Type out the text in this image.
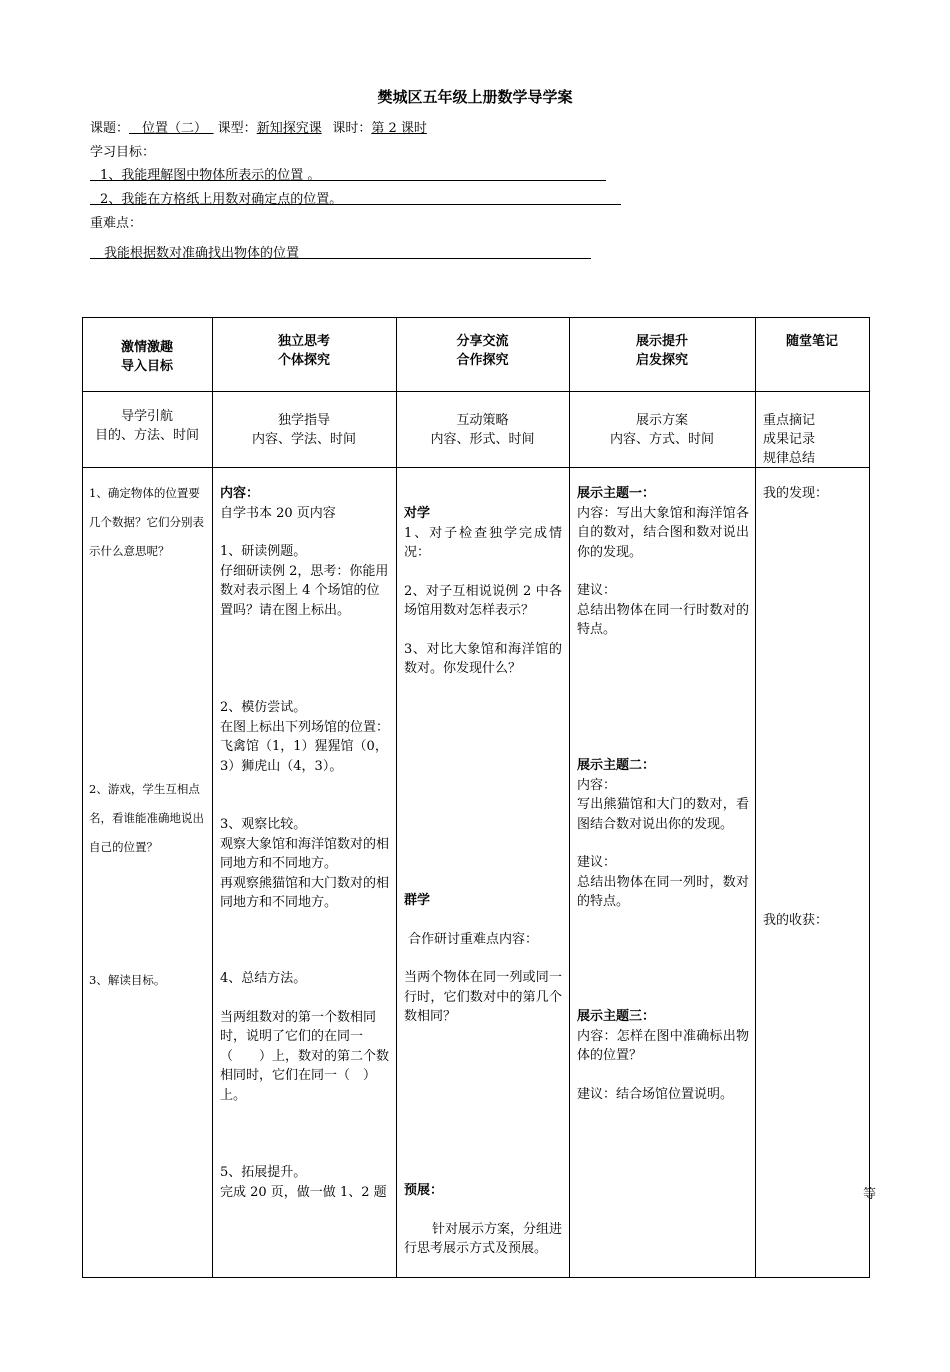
樊城区五年级上册数学导学案
课题：   位置（二）  课型：新知探究课  课时：第 2 课时
学习目标：
1、我能理解图中物体所表示的位置 。
2、我能在方格纸上用数对确定点的位置。
重难点：
我能根据数对准确找出物体的位置
激情激趣
导入目标
独立思考
个体探究
分享交流
合作探究
展示提升
启发探究
随堂笔记
导学引航
目的、方法、时间
独学指导
内容、学法、时间
互动策略
内容、形式、时间
展示方案
内容、方式、时间
重点摘记
成果记录
规律总结
1、确定物体的位置要几个数据？它们分别表示什么意思呢？
2、游戏，学生互相点名，看谁能准确地说出自己的位置？
3、解读目标。

内容：

自学书本 20 页内容

1、研读例题。

仔细研读例 2，思考：你能用数对表示图上 4 个场馆的位置吗？请在图上标出。

2、模仿尝试。

在图上标出下列场馆的位置：飞禽馆（1，1）猩猩馆（0，3）狮虎山（4，3）。

3、观察比较。

观察大象馆和海洋馆数对的相同地方和不同地方。

再观察熊猫馆和大门数对的相同地方和不同地方。

4、总结方法。

当两组数对的第一个数相同时，说明了它们的在同一（　　）上，数对的第二个数相同时，它们在同一（　）上。

5、拓展提升。

完成 20 页，做一做 1、2 题

对学

1、对子检查独学完成情况：

2、对子互相说说例 2 中各场馆用数对怎样表示？

3、对比大象馆和海洋馆的数对。你发现什么？

群学

合作研讨重难点内容：

当两个物体在同一列或同一行时，它们数对中的第几个数相同？

预展：

针对展示方案，分组进行思考展示方式及预展。

展示主题一：

内容：写出大象馆和海洋馆各自的数对，结合图和数对说出你的发现。

建议：

总结出物体在同一行时数对的特点。

展示主题二：

内容：

写出熊猫馆和大门的数对，看图结合数对说出你的发现。

建议：

总结出物体在同一列时，数对的特点。

展示主题三：

内容：怎样在图中准确标出物体的位置？

建议：结合场馆位置说明。

我的发现：
我的收获：
等
